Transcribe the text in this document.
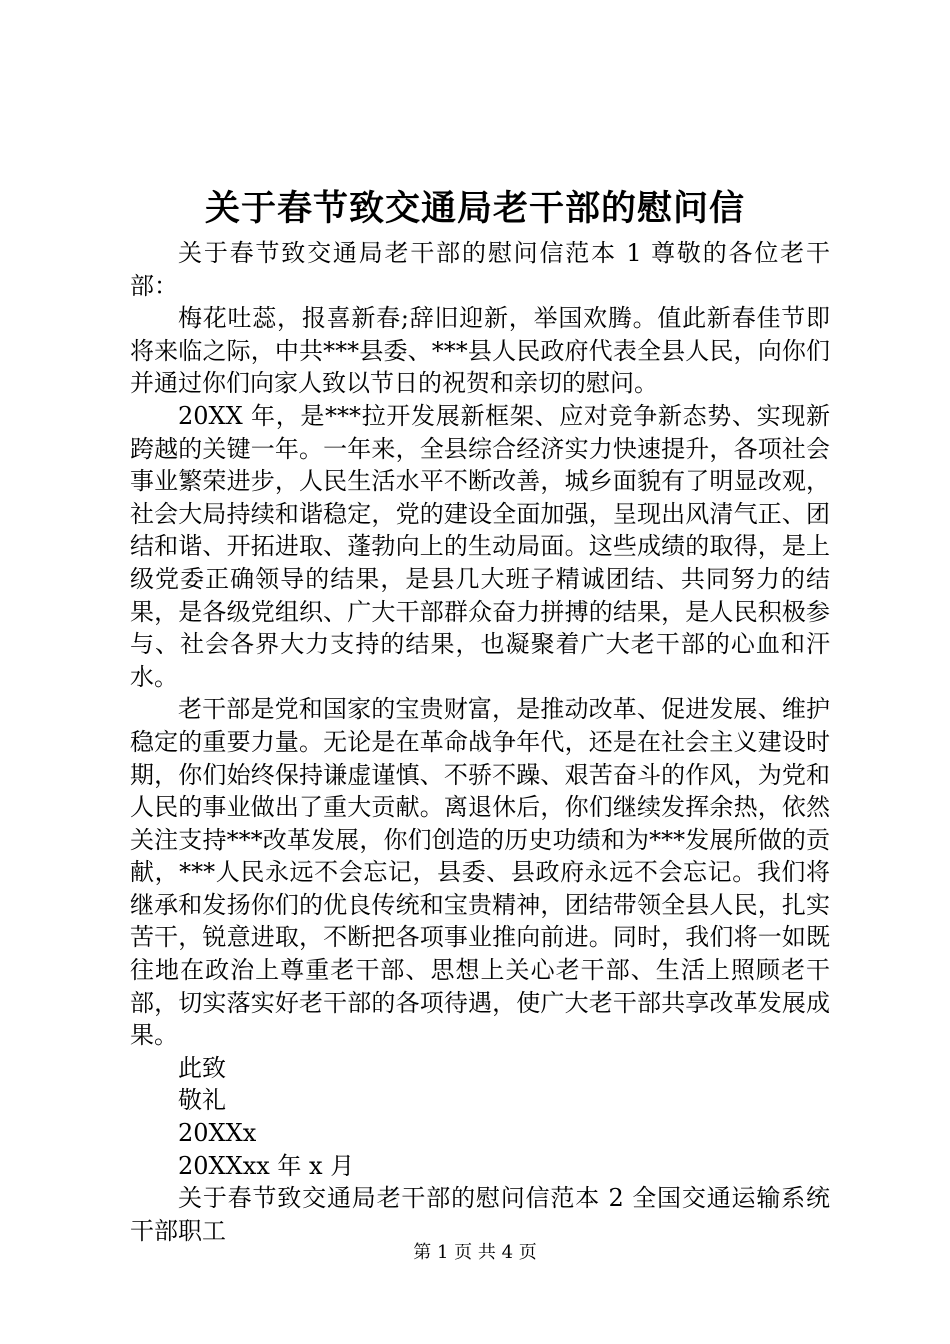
关于春节致交通局老干部的慰问信

关于春节致交通局老干部的慰问信范本 1 尊敬的各位老干部：

梅花吐蕊，报喜新春;辞旧迎新，举国欢腾。值此新春佳节即将来临之际，中共***县委、***县人民政府代表全县人民，向你们并通过你们向家人致以节日的祝贺和亲切的慰问。

20XX 年，是***拉开发展新框架、应对竞争新态势、实现新跨越的关键一年。一年来，全县综合经济实力快速提升，各项社会事业繁荣进步，人民生活水平不断改善，城乡面貌有了明显改观，社会大局持续和谐稳定，党的建设全面加强，呈现出风清气正、团结和谐、开拓进取、蓬勃向上的生动局面。这些成绩的取得，是上级党委正确领导的结果，是县几大班子精诚团结、共同努力的结果，是各级党组织、广大干部群众奋力拼搏的结果，是人民积极参与、社会各界大力支持的结果，也凝聚着广大老干部的心血和汗水。

老干部是党和国家的宝贵财富，是推动改革、促进发展、维护稳定的重要力量。无论是在革命战争年代，还是在社会主义建设时期，你们始终保持谦虚谨慎、不骄不躁、艰苦奋斗的作风，为党和人民的事业做出了重大贡献。离退休后，你们继续发挥余热，依然关注支持***改革发展，你们创造的历史功绩和为***发展所做的贡献，***人民永远不会忘记，县委、县政府永远不会忘记。我们将继承和发扬你们的优良传统和宝贵精神，团结带领全县人民，扎实苦干，锐意进取，不断把各项事业推向前进。同时，我们将一如既往地在政治上尊重老干部、思想上关心老干部、生活上照顾老干部，切实落实好老干部的各项待遇，使广大老干部共享改革发展成果。

此致

敬礼

20XXx

20XXxx 年 x 月

关于春节致交通局老干部的慰问信范本 2 全国交通运输系统干部职工

第 1 页 共 4 页
